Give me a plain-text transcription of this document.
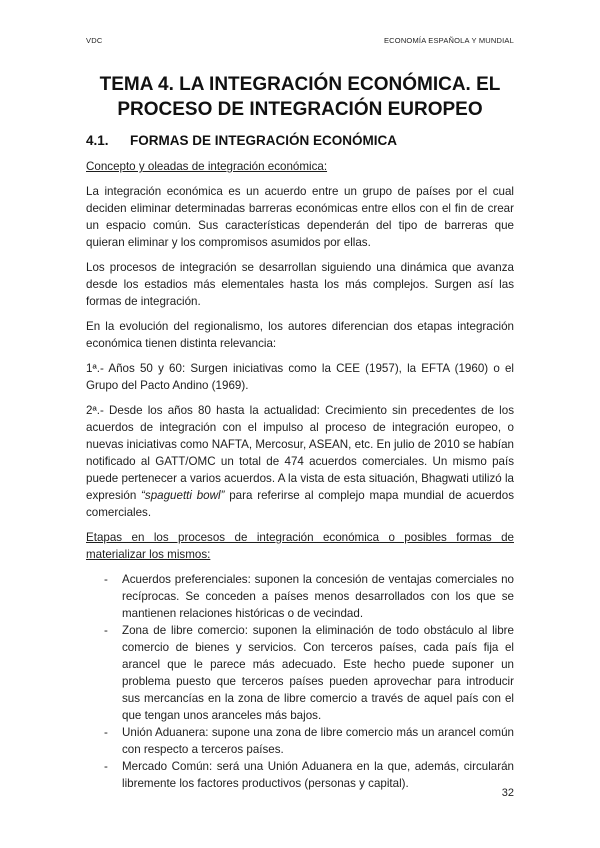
VDC	ECONOMÍA ESPAÑOLA Y MUNDIAL
TEMA 4. LA INTEGRACIÓN ECONÓMICA. EL
PROCESO DE INTEGRACIÓN EUROPEO
4.1. FORMAS DE INTEGRACIÓN ECONÓMICA

Concepto y oleadas de integración económica:

La integración económica es un acuerdo entre un grupo de países por el cual deciden eliminar determinadas barreras económicas entre ellos con el fin de crear un espacio común. Sus características dependerán del tipo de barreras que quieran eliminar y los compromisos asumidos por ellas.

Los procesos de integración se desarrollan siguiendo una dinámica que avanza desde los estadios más elementales hasta los más complejos. Surgen así las formas de integración.

En la evolución del regionalismo, los autores diferencian dos etapas integración económica tienen distinta relevancia:

1ª.- Años 50 y 60: Surgen iniciativas como la CEE (1957), la EFTA (1960) o el Grupo del Pacto Andino (1969).

2ª.- Desde los años 80 hasta la actualidad: Crecimiento sin precedentes de los acuerdos de integración con el impulso al proceso de integración europeo, o nuevas iniciativas como NAFTA, Mercosur, ASEAN, etc. En julio de 2010 se habían notificado al GATT/OMC un total de 474 acuerdos comerciales. Un mismo país puede pertenecer a varios acuerdos. A la vista de esta situación, Bhagwati utilizó la expresión “spaguetti bowl” para referirse al complejo mapa mundial de acuerdos comerciales.

Etapas en los procesos de integración económica o posibles formas de materializar los mismos:

- Acuerdos preferenciales: suponen la concesión de ventajas comerciales no recíprocas. Se conceden a países menos desarrollados con los que se mantienen relaciones históricas o de vecindad.
- Zona de libre comercio: suponen la eliminación de todo obstáculo al libre comercio de bienes y servicios. Con terceros países, cada país fija el arancel que le parece más adecuado. Este hecho puede suponer un problema puesto que terceros países pueden aprovechar para introducir sus mercancías en la zona de libre comercio a través de aquel país con el que tengan unos aranceles más bajos.
- Unión Aduanera: supone una zona de libre comercio más un arancel común con respecto a terceros países.
- Mercado Común: será una Unión Aduanera en la que, además, circularán libremente los factores productivos (personas y capital).
32
